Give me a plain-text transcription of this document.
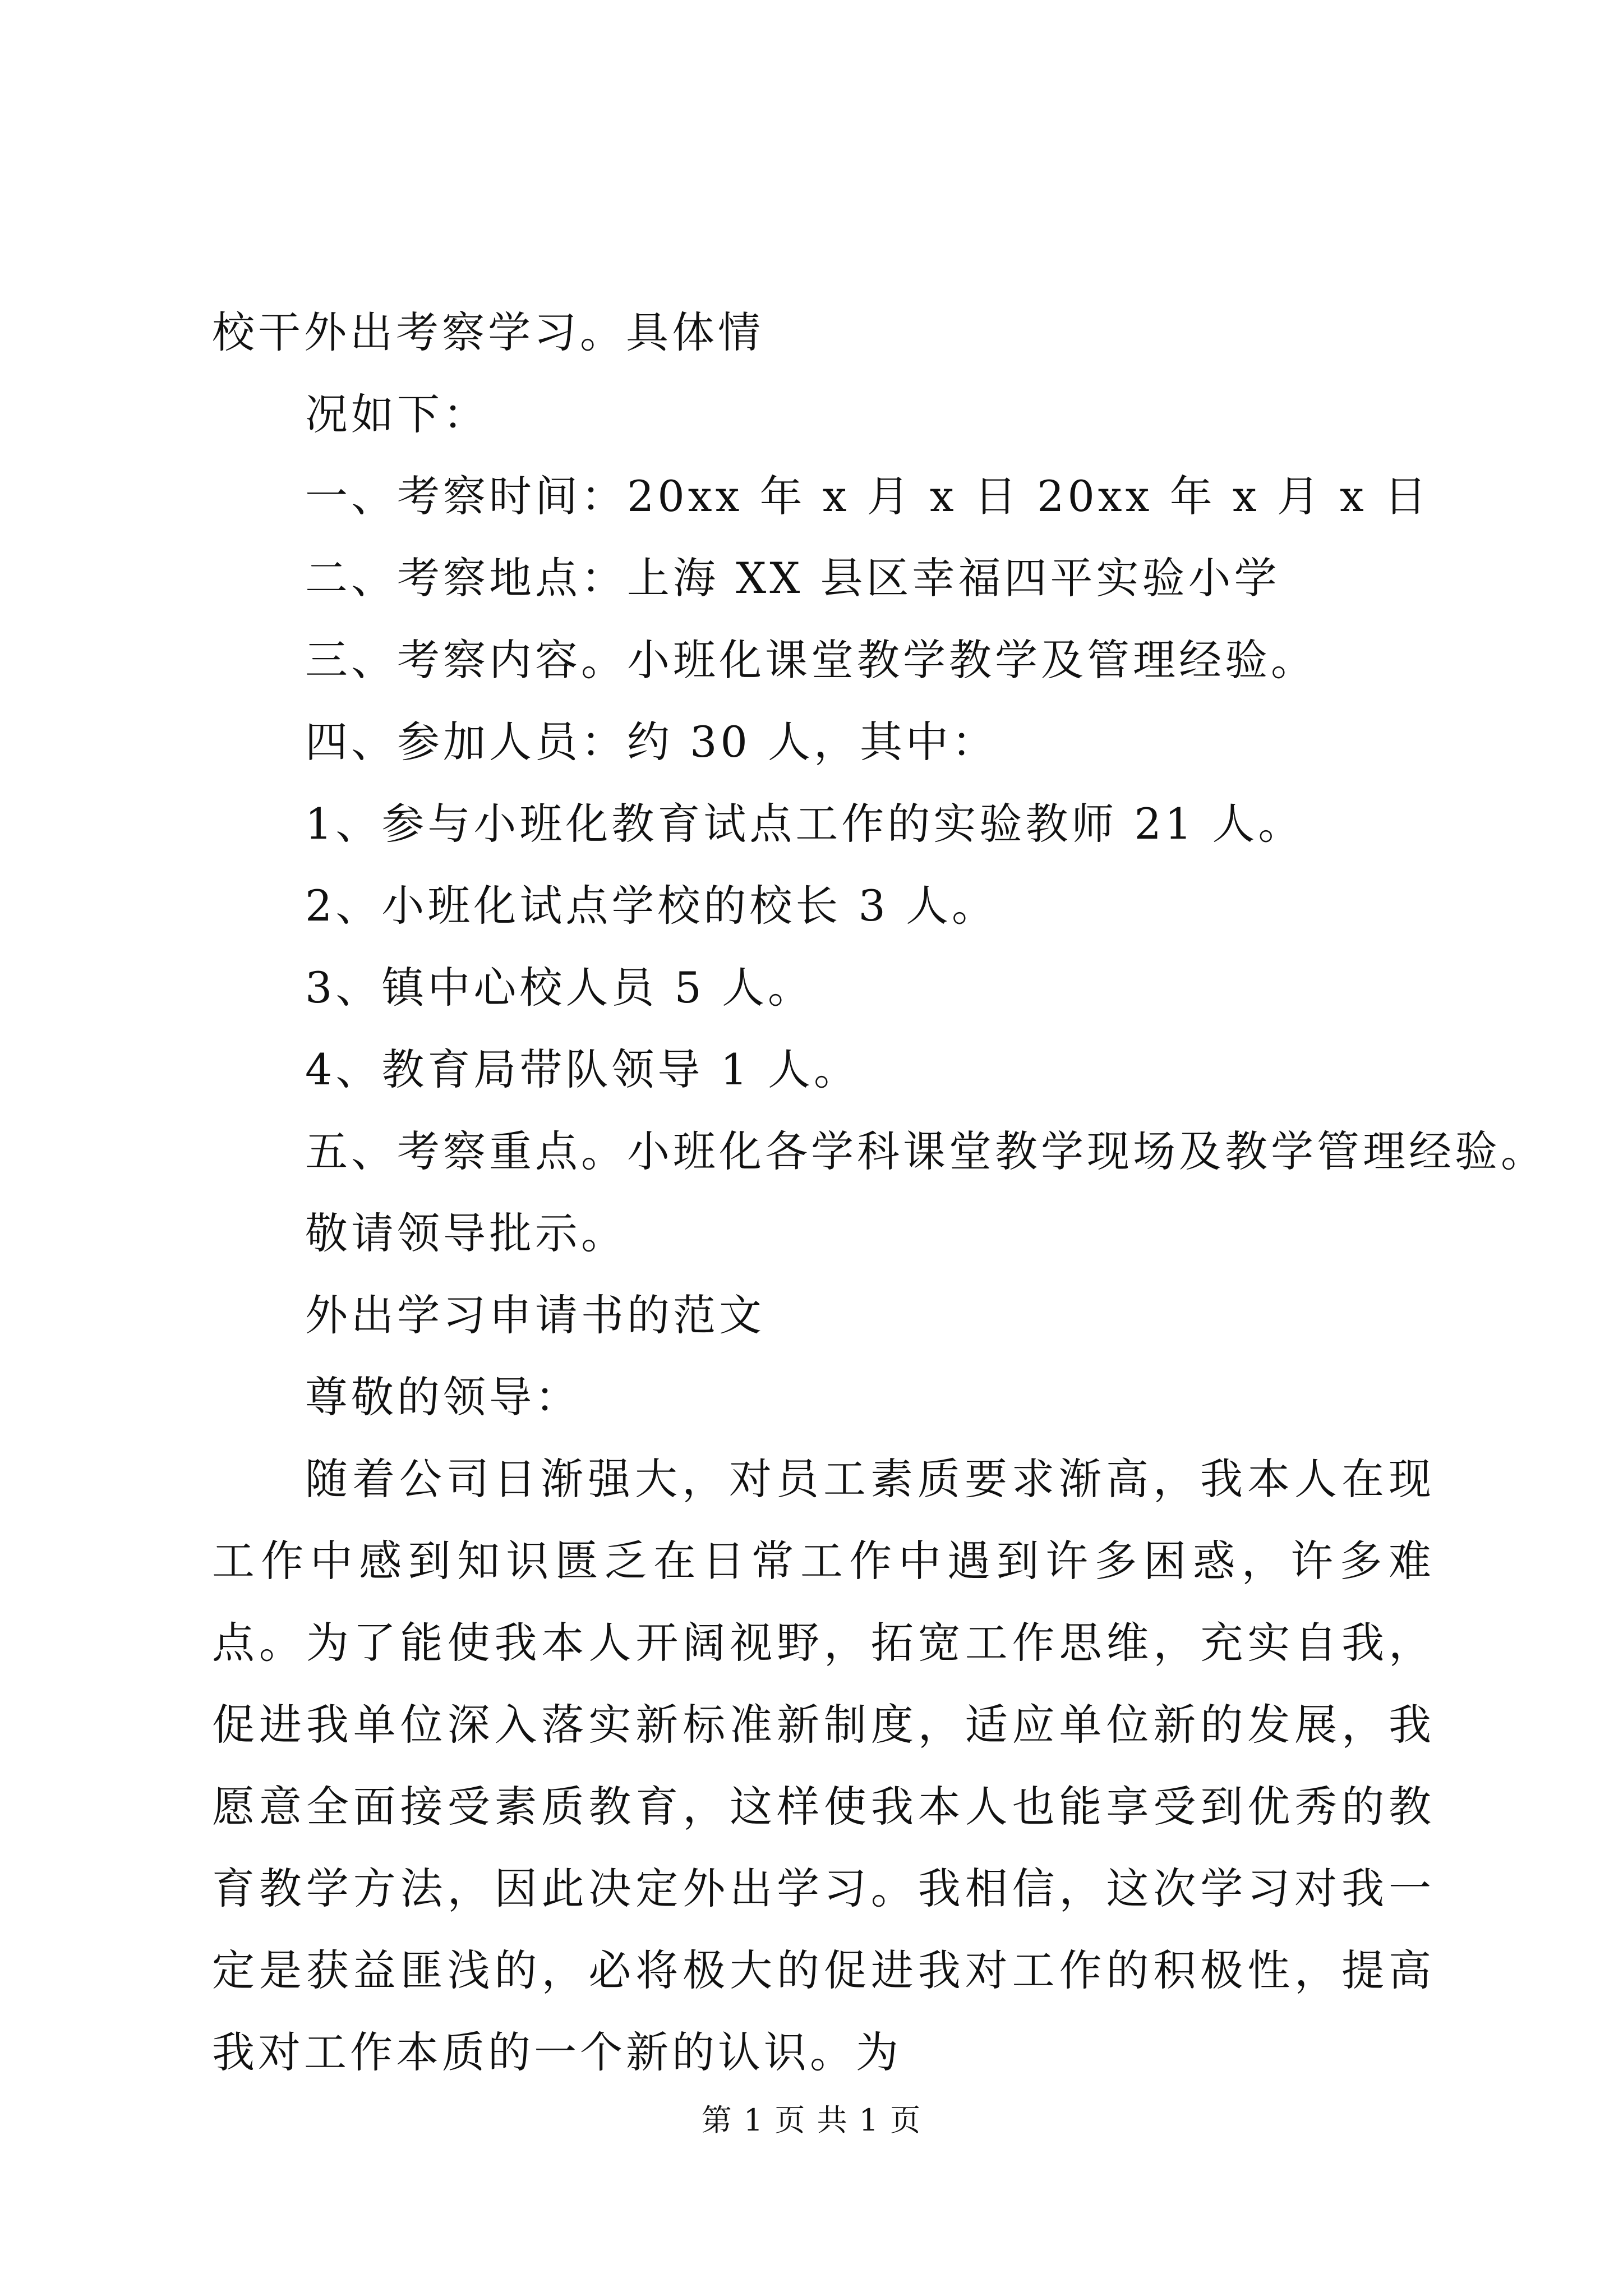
校干外出考察学习。具体情
况如下：
一、考察时间：20xx 年 x 月 x 日 20xx 年 x 月 x 日
二、考察地点：上海 XX 县区幸福四平实验小学
三、考察内容。小班化课堂教学教学及管理经验。
四、参加人员：约 30 人，其中：
1、参与小班化教育试点工作的实验教师 21 人。
2、小班化试点学校的校长 3 人。
3、镇中心校人员 5 人。
4、教育局带队领导 1 人。
五、考察重点。小班化各学科课堂教学现场及教学管理经验。
敬请领导批示。
外出学习申请书的范文
尊敬的领导：

随着公司日渐强大，对员工素质要求渐高，我本人在现工作中感到知识匮乏在日常工作中遇到许多困惑，许多难点。为了能使我本人开阔视野，拓宽工作思维，充实自我，促进我单位深入落实新标准新制度，适应单位新的发展，我愿意全面接受素质教育，这样使我本人也能享受到优秀的教育教学方法，因此决定外出学习。我相信，这次学习对我一定是获益匪浅的，必将极大的促进我对工作的积极性，提高我对工作本质的一个新的认识。为

第 1 页 共 1 页
